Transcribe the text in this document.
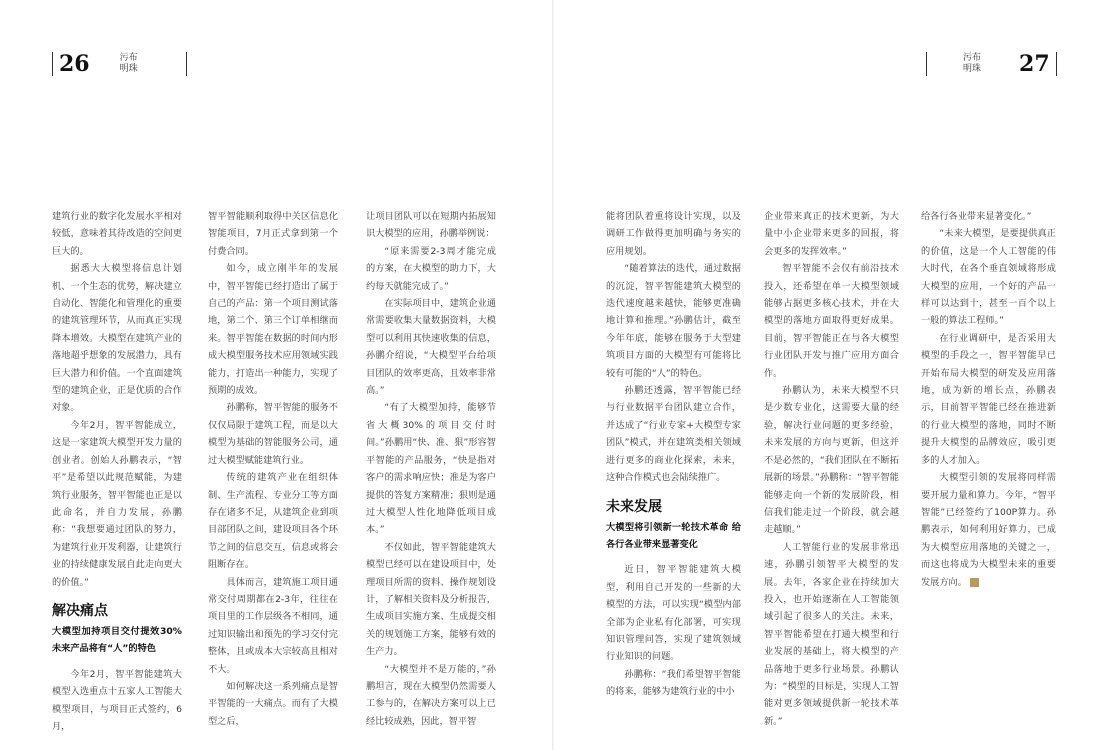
26	污布
明珠
污布
明珠 27

建筑行业的数字化发展水平相对较低，意味着其待改造的空间更巨大的。

据悉大大模型将信息计划机、一个生态的优势，解决建立自动化、智能化和管理化的重要的建筑管理环节，从而真正实现降本增效。大模型在建筑产业的落地超乎想象的发展潜力，具有巨大潜力和价值。一个直面建筑型的建筑企业，正是优质的合作对象。

今年2月，智平智能成立，这是一家建筑大模型开发力量的创业者。创始人孙鹏表示，“智平”是希望以此规范赋能，为建筑行业服务，智平智能也正是以此命名，并自力发展，孙鹏称：“我想要通过团队的努力，为建筑行业开发利器，让建筑行业的持续健康发展自此走向更大的价值。”

解决痛点
大模型加持项目交付提效30% 未来产品将有“人”的特色

今年2月，智平智能建筑大模型入选重点十五家人工智能大模型项目，与项目正式签约，6月，

智平智能顺利取得中关区信息化智能项目，7月正式拿到第一个付费合同。

如今，成立刚半年的发展中，智平智能已经打造出了属于自己的产品：第一个项目测试落地，第二个、第三个订单相继而来。智平智能在数据的时间内形成大模型服务技术应用领域实践能力，打造出一种能力，实现了预期的成效。

孙鹏称，智平智能的服务不仅仅局限于建筑工程，而是以大模型为基础的智能服务公司，通过大模型赋能建筑行业。

传统的建筑产业在组织体制、生产流程、专业分工等方面存在诸多不足，从建筑企业到项目部团队之间，建设项目各个环节之间的信息交互，信息或将会阻断存在。

具体而言，建筑施工项目通常交付周期都在2-3年，往往在项目里的工作层级各不相同，通过知识输出和预先的学习交付完整体，且或成本大宗较高且相对不大。

如何解决这一系列痛点是智平智能的一大痛点。而有了大模型之后，

让项目团队可以在短期内拓展知识大模型的应用，孙鹏举例说：

“原来需要2-3周才能完成的方案，在大模型的助力下，大约每天就能完成了。”

在实际项目中，建筑企业通常需要收集大量数据资料，大模型可以利用其快速收集的信息，孙鹏介绍说，“大模型平台给项目团队的效率更高，且效率非常高。”

“有了大模型加持，能够节省大概30%的项目交付时间。”孙鹏用“快、准、狠”形容智平智能的产品服务，“快是指对客户的需求响应快；准是为客户提供的答复方案精准；狠则是通过大模型人性化地降低项目成本。”

不仅如此，智平智能建筑大模型已经可以在建设项目中，处理项目所需的资料、操作规划设计，了解相关资料及分析报告，生成项目实施方案、生成提交相关的规划施工方案，能够有效的生产力。

“大模型并不是万能的，”孙鹏坦言，现在大模型仍然需要人工参与的，在解决方案可以上已经比较成熟，因此，智平智

能将团队着重将设计实现，以及调研工作做得更加明确与务实的应用规划。

“随着算法的迭代，通过数据的沉淀，智平智能建筑大模型的迭代速度越来越快，能够更准确地计算和推理。”孙鹏估计，截至今年年底，能够在服务于大型建筑项目方面的大模型有可能将比较有可能的“人”的特色。

孙鹏还透露，智平智能已经与行业数据平台团队建立合作，并达成了“行业专家+大模型专家团队”模式，并在建筑类相关领域进行更多的商业化探索，未来，这种合作模式也会陆续推广。

未来发展
大模型将引领新一轮技术革命 给各行各业带来显著变化

近日，智平智能建筑大模型，利用自己开发的一些新的大模型的方法，可以实现“模型内部全部为企业私有化部署，可实现知识管理问答，实现了建筑领域行业知识的问题。

孙鹏称：“我们希望智平智能的将来，能够为建筑行业的中小

企业带来真正的技术更新，为大量中小企业带来更多的回报，将会更多的发挥效率。”

智平智能不会仅有前沿技术投入，还希望在单一大模型领域能够占据更多核心技术，并在大模型的落地方面取得更好成果。目前，智平智能正在与各大模型行业团队开发与推广应用方面合作。

孙鹏认为，未来大模型不只是少数专业化，这需要大量的经验，解决行业问题的更多经验，未来发展的方向与更新，但这并不是必然的，“我们团队在不断拓展新的场景。”孙鹏称：“智平智能能够走向一个新的发展阶段，相信我们能走过一个阶段，就会越走越顺。”

人工智能行业的发展非常迅速，孙鹏引领智平大模型的发展。去年，各家企业在持续加大投入，也开始逐渐在人工智能领域引起了很多人的关注。未来，智平智能希望在打通大模型和行业发展的基础上，将大模型的产品落地于更多行业场景。孙鹏认为：“模型的目标是，实现人工智能对更多领域提供新一轮技术革新。”

给各行各业带来显著变化。”

“未来大模型，是要提供真正的价值，这是一个人工智能的伟大时代，在各个垂直领域将形成大模型的应用，一个好的产品一样可以达到十，甚至一百个以上一般的算法工程师。”

在行业调研中，是否采用大模型的手段之一，智平智能早已开始布局大模型的研发及应用落地，成为新的增长点，孙鹏表示，目前智平智能已经在推进新的行业大模型的落地，同时不断提升大模型的品牌效应，吸引更多的人才加入。

大模型引领的发展将同样需要开展力量和算力。今年，“智平智能”已经签约了100P算力。孙鹏表示，如何利用好算力，已成为大模型应用落地的关键之一，而这也将成为大模型未来的重要发展方向。	口
